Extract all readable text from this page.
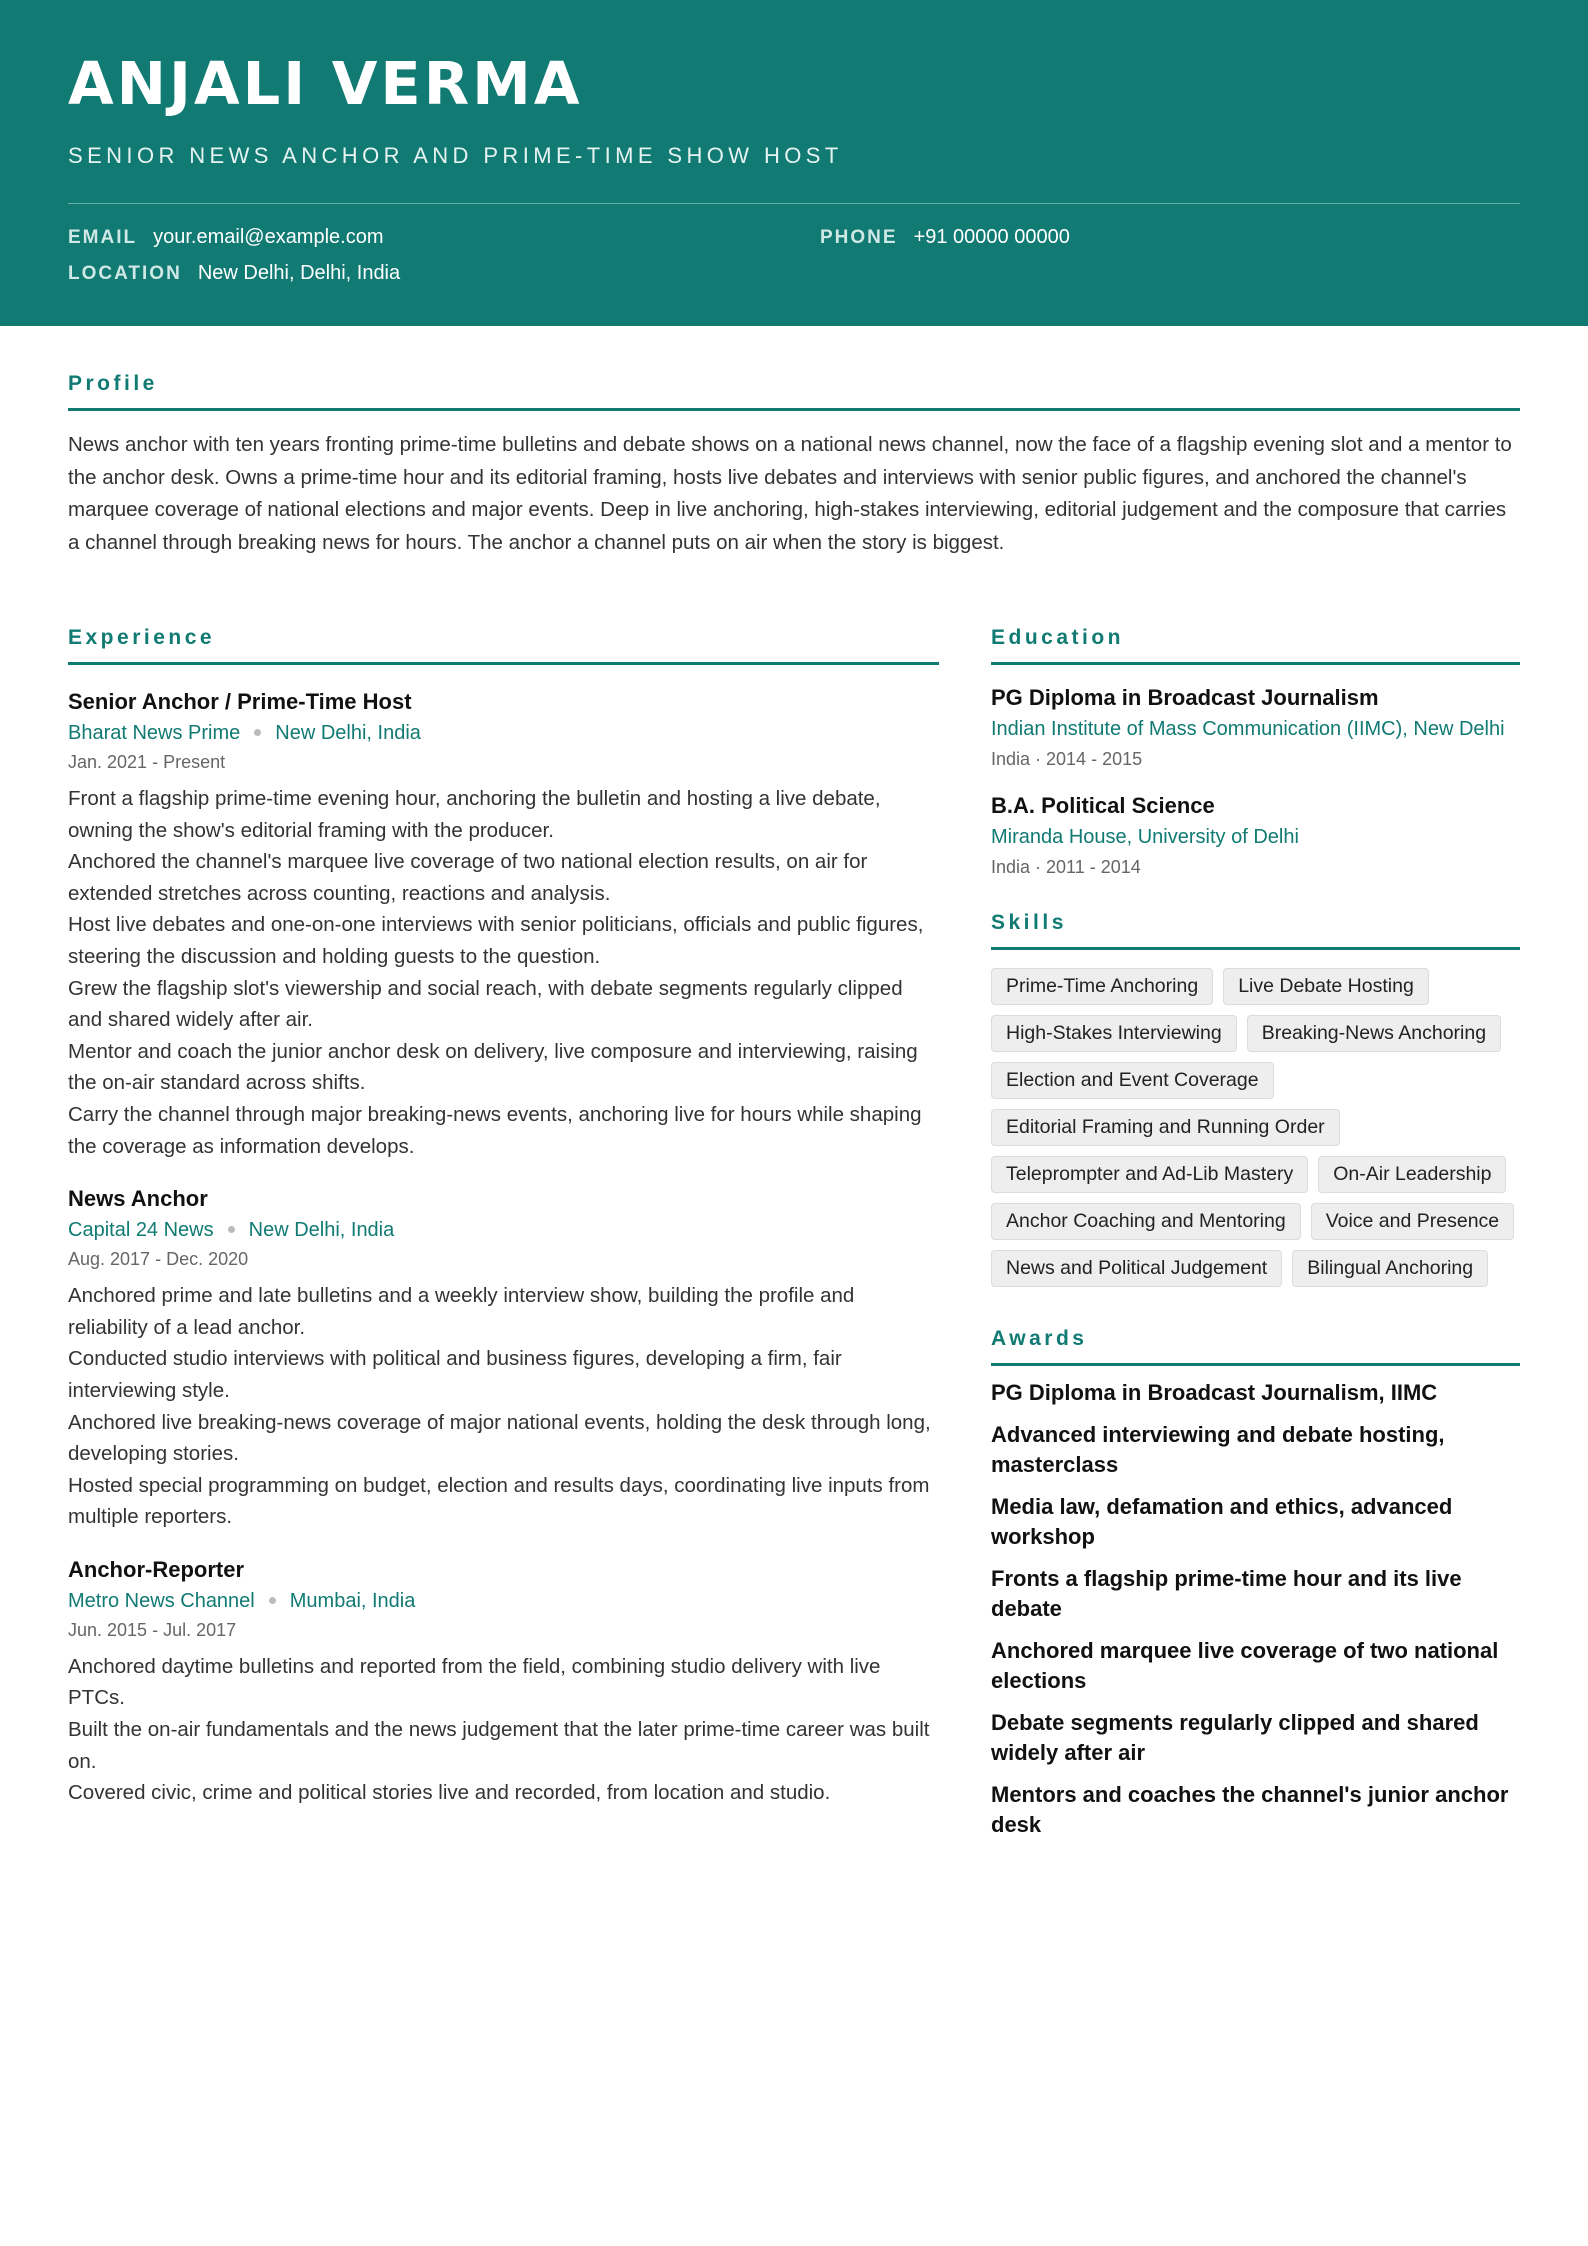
ANJALI VERMA
SENIOR NEWS ANCHOR AND PRIME-TIME SHOW HOST
EMAIL your.email@example.com	PHONE +91 00000 00000
LOCATION New Delhi, Delhi, India
Profile

News anchor with ten years fronting prime-time bulletins and debate shows on a national news channel, now the face of a flagship evening slot and a mentor to the anchor desk. Owns a prime-time hour and its editorial framing, hosts live debates and interviews with senior public figures, and anchored the channel's marquee coverage of national elections and major events. Deep in live anchoring, high-stakes interviewing, editorial judgement and the composure that carries a channel through breaking news for hours. The anchor a channel puts on air when the story is biggest.

Experience
Senior Anchor / Prime-Time Host
Bharat News Prime New Delhi, India
Jan. 2021 - Present
Front a flagship prime-time evening hour, anchoring the bulletin and hosting a live debate, owning the show's editorial framing with the producer.
Anchored the channel's marquee live coverage of two national election results, on air for extended stretches across counting, reactions and analysis.
Host live debates and one-on-one interviews with senior politicians, officials and public figures, steering the discussion and holding guests to the question.
Grew the flagship slot's viewership and social reach, with debate segments regularly clipped and shared widely after air.
Mentor and coach the junior anchor desk on delivery, live composure and interviewing, raising the on-air standard across shifts.
Carry the channel through major breaking-news events, anchoring live for hours while shaping the coverage as information develops.
News Anchor
Capital 24 News New Delhi, India
Aug. 2017 - Dec. 2020
Anchored prime and late bulletins and a weekly interview show, building the profile and reliability of a lead anchor.
Conducted studio interviews with political and business figures, developing a firm, fair interviewing style.
Anchored live breaking-news coverage of major national events, holding the desk through long, developing stories.
Hosted special programming on budget, election and results days, coordinating live inputs from multiple reporters.
Anchor-Reporter
Metro News Channel Mumbai, India
Jun. 2015 - Jul. 2017
Anchored daytime bulletins and reported from the field, combining studio delivery with live PTCs.
Built the on-air fundamentals and the news judgement that the later prime-time career was built on.
Covered civic, crime and political stories live and recorded, from location and studio.
Education
PG Diploma in Broadcast Journalism
Indian Institute of Mass Communication (IIMC), New Delhi
India · 2014 - 2015
B.A. Political Science
Miranda House, University of Delhi
India · 2011 - 2014
Skills
Prime-Time Anchoring	Live Debate Hosting
High-Stakes Interviewing	Breaking-News Anchoring
Election and Event Coverage
Editorial Framing and Running Order
Teleprompter and Ad-Lib Mastery	On-Air Leadership
Anchor Coaching and Mentoring	Voice and Presence
News and Political Judgement	Bilingual Anchoring
Awards
PG Diploma in Broadcast Journalism, IIMC
Advanced interviewing and debate hosting, masterclass
Media law, defamation and ethics, advanced workshop
Fronts a flagship prime-time hour and its live debate
Anchored marquee live coverage of two national elections
Debate segments regularly clipped and shared widely after air
Mentors and coaches the channel's junior anchor desk
